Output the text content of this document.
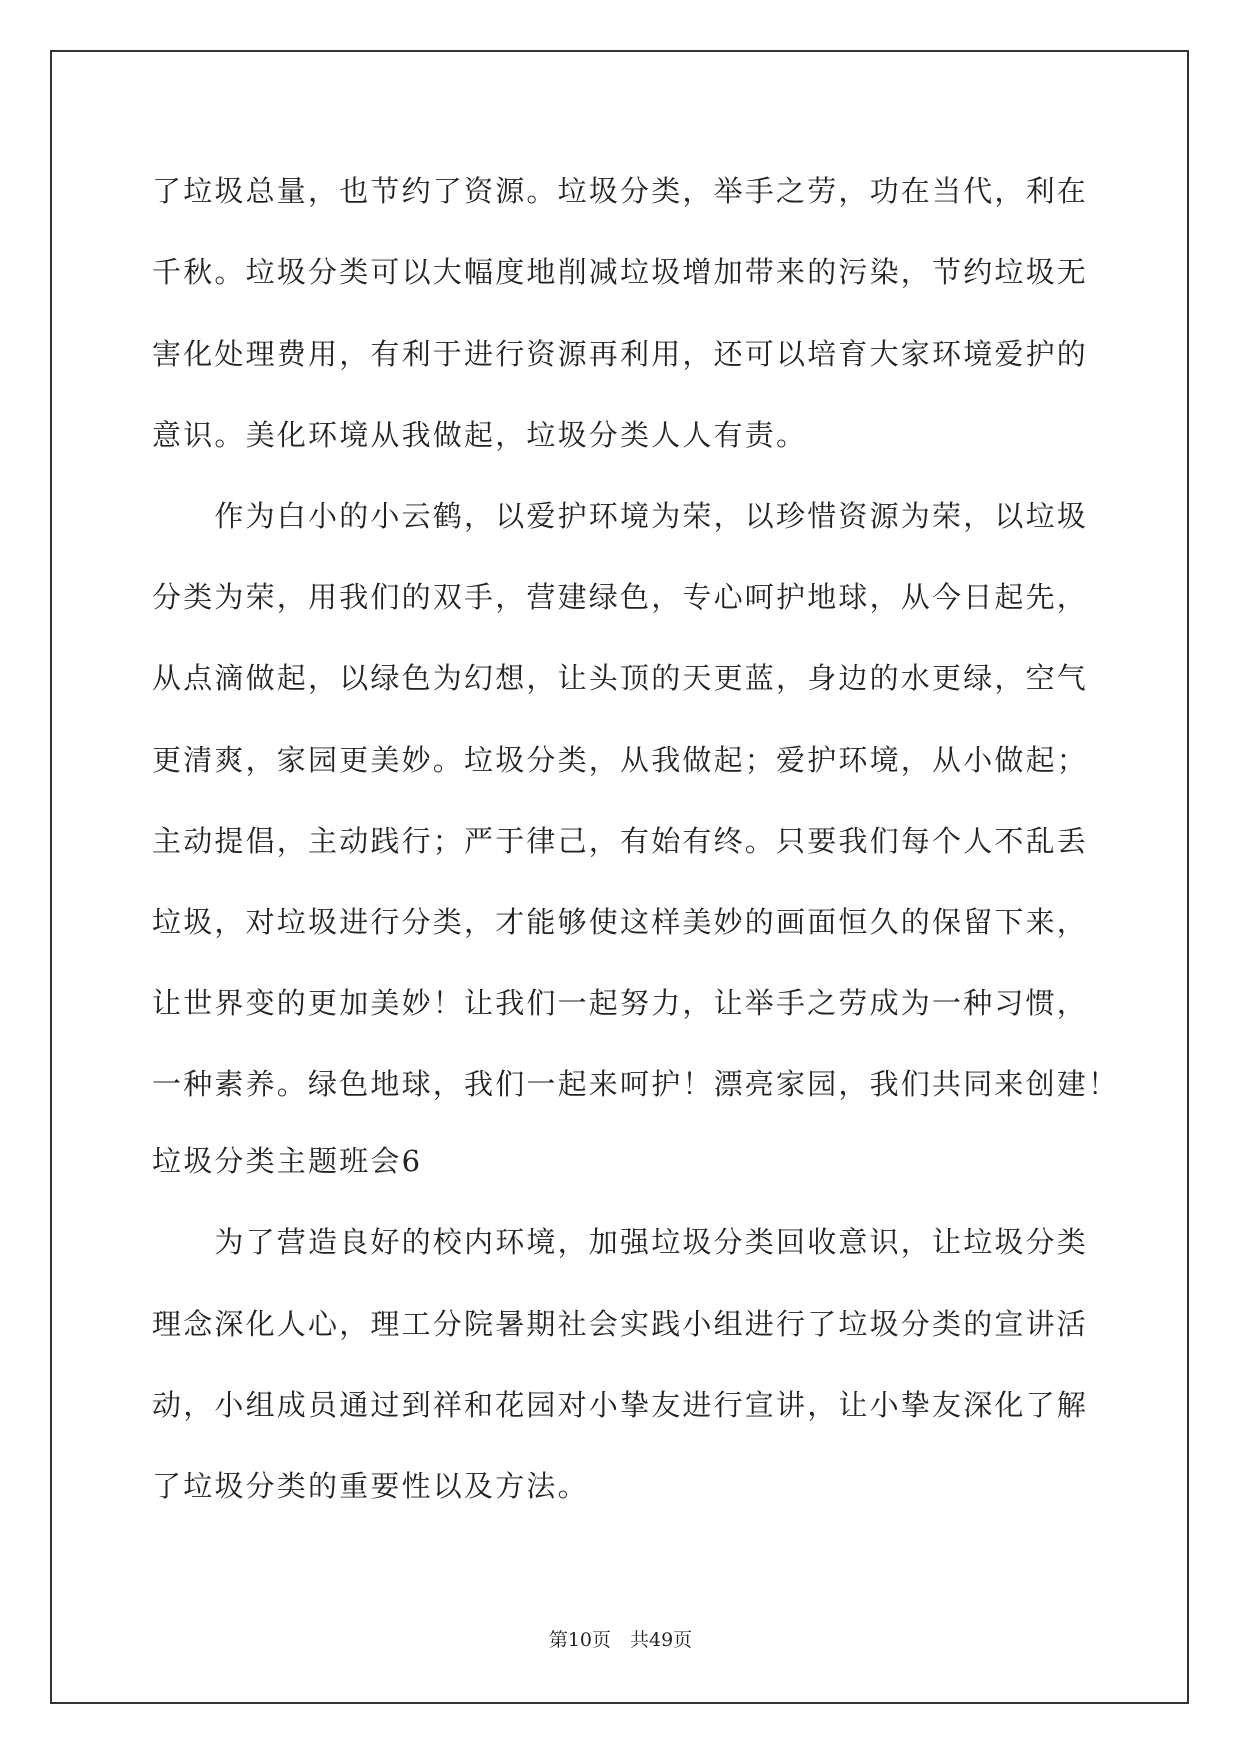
了垃圾总量，也节约了资源。垃圾分类，举手之劳，功在当代，利在
千秋。垃圾分类可以大幅度地削减垃圾增加带来的污染，节约垃圾无
害化处理费用，有利于进行资源再利用，还可以培育大家环境爱护的
意识。美化环境从我做起，垃圾分类人人有责。
　　作为白小的小云鹤，以爱护环境为荣，以珍惜资源为荣，以垃圾
分类为荣，用我们的双手，营建绿色，专心呵护地球，从今日起先，
从点滴做起，以绿色为幻想，让头顶的天更蓝，身边的水更绿，空气
更清爽，家园更美妙。垃圾分类，从我做起；爱护环境，从小做起；
主动提倡，主动践行；严于律己，有始有终。只要我们每个人不乱丢
垃圾，对垃圾进行分类，才能够使这样美妙的画面恒久的保留下来，
让世界变的更加美妙！让我们一起努力，让举手之劳成为一种习惯，
一种素养。绿色地球，我们一起来呵护！漂亮家园，我们共同来创建！
垃圾分类主题班会6
　　为了营造良好的校内环境，加强垃圾分类回收意识，让垃圾分类
理念深化人心，理工分院暑期社会实践小组进行了垃圾分类的宣讲活
动，小组成员通过到祥和花园对小挚友进行宣讲，让小挚友深化了解
了垃圾分类的重要性以及方法。
第10页　共49页
